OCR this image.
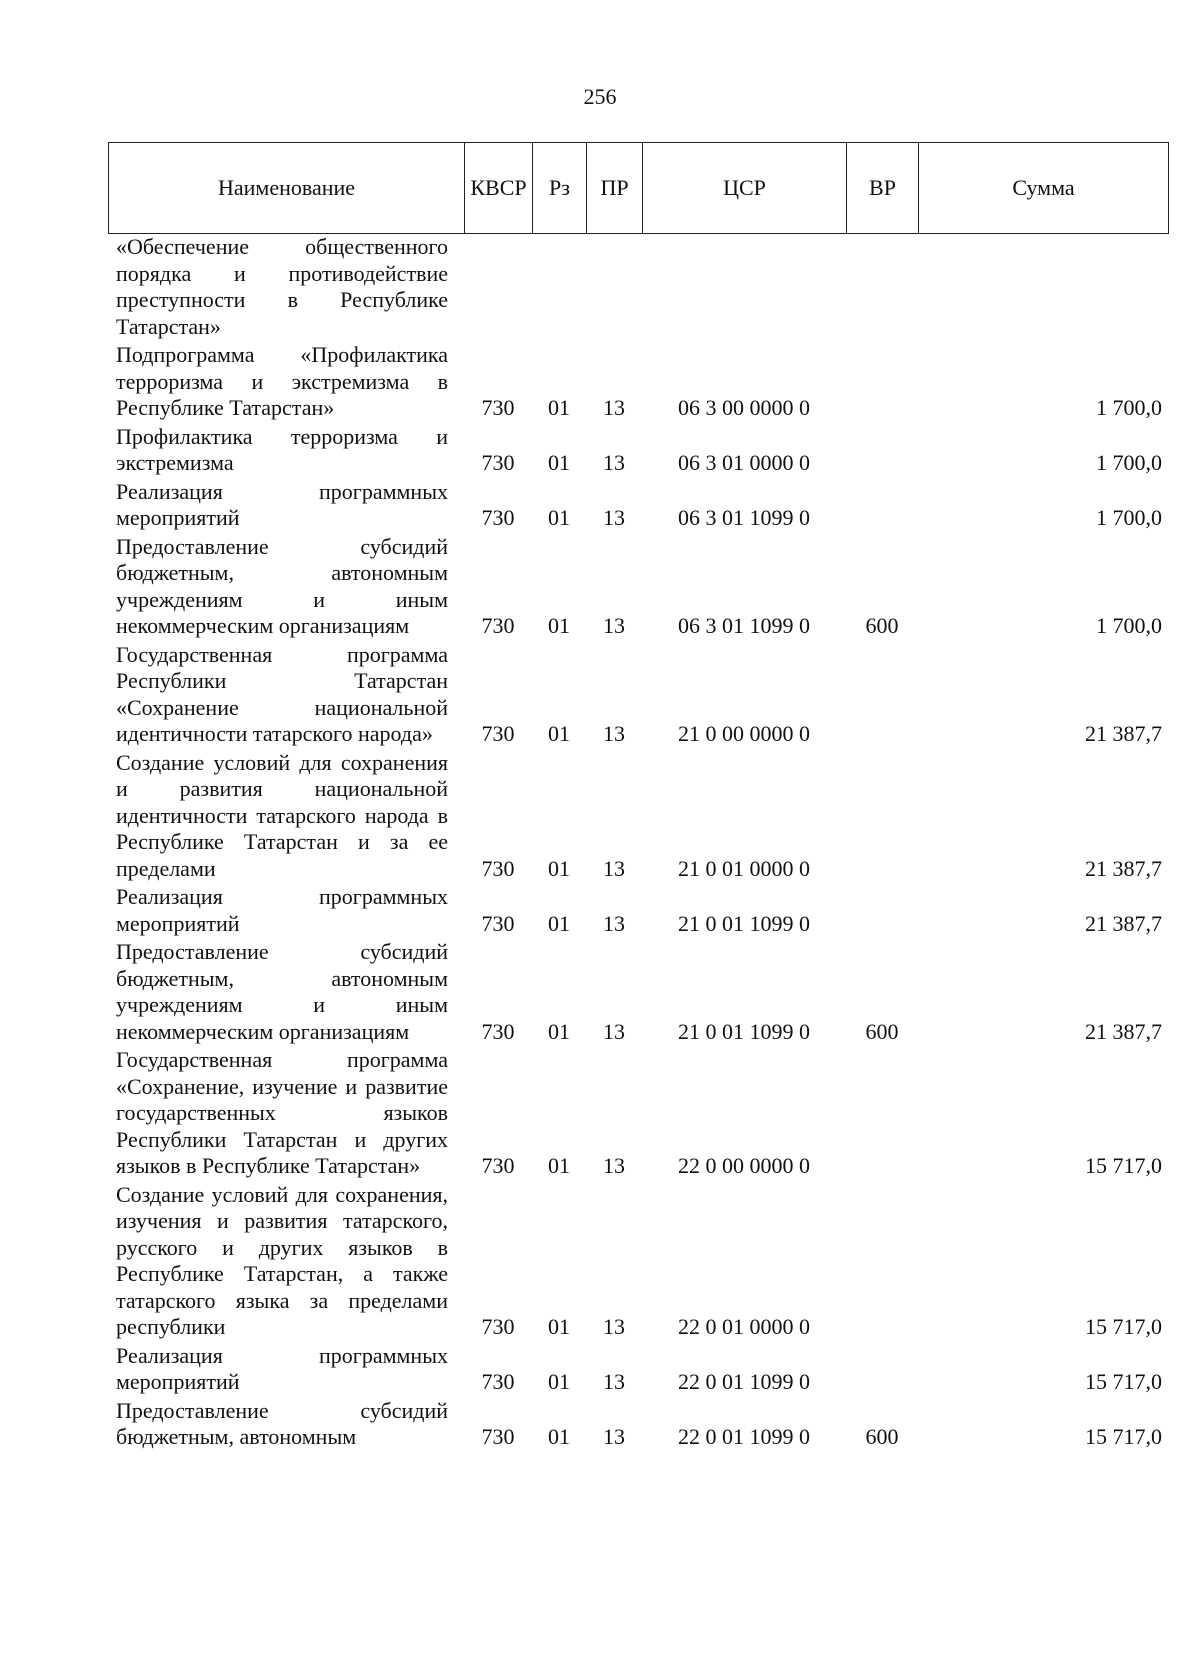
256
Наименование	КВСР	Рз	ПР	ЦСР	ВР	Сумма
«Обеспечение общественного порядка и противодействие преступности в Республике Татарстан»						
Подпрограмма «Профилактика терроризма и экстремизма в Республике Татарстан»	730	01	13	06 3 00 0000 0		1 700,0
Профилактика терроризма и экстремизма	730	01	13	06 3 01 0000 0		1 700,0
Реализация программных мероприятий	730	01	13	06 3 01 1099 0		1 700,0
Предоставление субсидий бюджетным, автономным учреждениям и иным некоммерческим организациям	730	01	13	06 3 01 1099 0	600	1 700,0
Государственная программа Республики Татарстан «Сохранение национальной идентичности татарского народа»	730	01	13	21 0 00 0000 0		21 387,7
Создание условий для сохранения и развития национальной идентичности татарского народа в Республике Татарстан и за ее пределами	730	01	13	21 0 01 0000 0		21 387,7
Реализация программных мероприятий	730	01	13	21 0 01 1099 0		21 387,7
Предоставление субсидий бюджетным, автономным учреждениям и иным некоммерческим организациям	730	01	13	21 0 01 1099 0	600	21 387,7
Государственная программа «Сохранение, изучение и развитие государственных языков Республики Татарстан и других языков в Республике Татарстан»	730	01	13	22 0 00 0000 0		15 717,0
Создание условий для сохранения, изучения и развития татарского, русского и других языков в Республике Татарстан, а также татарского языка за пределами республики	730	01	13	22 0 01 0000 0		15 717,0
Реализация программных мероприятий	730	01	13	22 0 01 1099 0		15 717,0
Предоставление субсидий бюджетным, автономным	730	01	13	22 0 01 1099 0	600	15 717,0
